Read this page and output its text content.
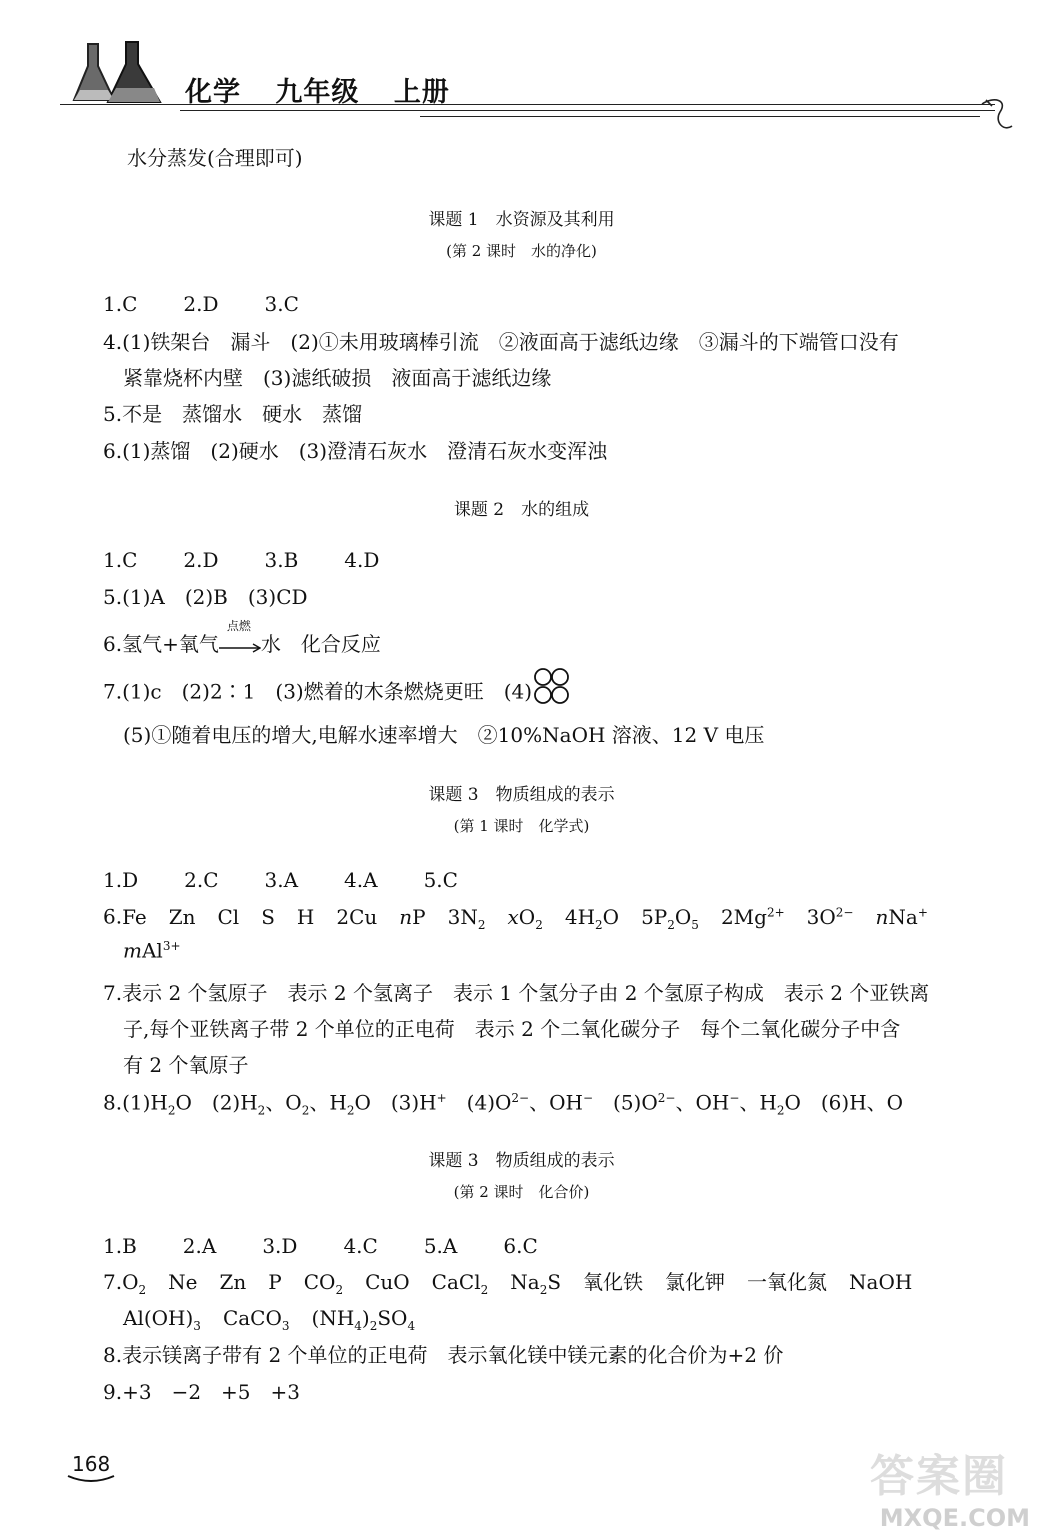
化学 九年级 上册
水分蒸发(合理即可)
课题 1　水资源及其利用
(第 2 课时　水的净化)
1.C 2.D 3.C
4.(1)铁架台　漏斗　(2)①未用玻璃棒引流　②液面高于滤纸边缘　③漏斗的下端管口没有
紧靠烧杯内壁　(3)滤纸破损　液面高于滤纸边缘
5.不是　蒸馏水　硬水　蒸馏
6.(1)蒸馏　(2)硬水　(3)澄清石灰水　澄清石灰水变浑浊
课题 2　水的组成
1.C 2.D 3.B 4.D
5.(1)A　(2)B　(3)CD
6.氢气+氧气
点燃
水　化合反应
7.(1)c　(2)2∶1　(3)燃着的木条燃烧更旺　(4)
(5)①随着电压的增大,电解水速率增大　②10%NaOH 溶液、12 V 电压
课题 3　物质组成的表示
(第 1 课时　化学式)
1.D 2.C 3.A 4.A 5.C
6.Fe Zn Cl S H 2Cu nP $3N_2$ $xO_2$ $4H_2O$ $5P_2O_5$ $2Mg^{2+}$ $3O^{2-}$ nNa+
mAl$^{3+}$
7.表示 2 个氢原子　表示 2 个氢离子　表示 1 个氢分子由 2 个氢原子构成　表示 2 个亚铁离
子,每个亚铁离子带 2 个单位的正电荷　表示 2 个二氧化碳分子　每个二氧化碳分子中含
有 2 个氧原子
$8.(1)H_2O$　$(2)H_2$、$O_2$、$H_2O$　(3)H+　$(4)O^{2-}$、OH−　$(5)O^{2-}$、OH−、$H_2O$　(6)H、O
课题 3　物质组成的表示
(第 2 课时　化合价)
1.B 2.A 3.D 4.C 5.A 6.C
$7.O_2$ Ne Zn P $CO_2$ CuO CaCl$_2$ $Na_2S$ 氧化铁 氯化钾 一氧化氮 NaOH
$Al(OH)_3$ CaCO$_3$ $(NH_4)_2SO_4$
8.表示镁离子带有 2 个单位的正电荷　表示氧化镁中镁元素的化合价为+2 价
9.+3　−2　+5　+3
168	答案圈
MXQE.COM
